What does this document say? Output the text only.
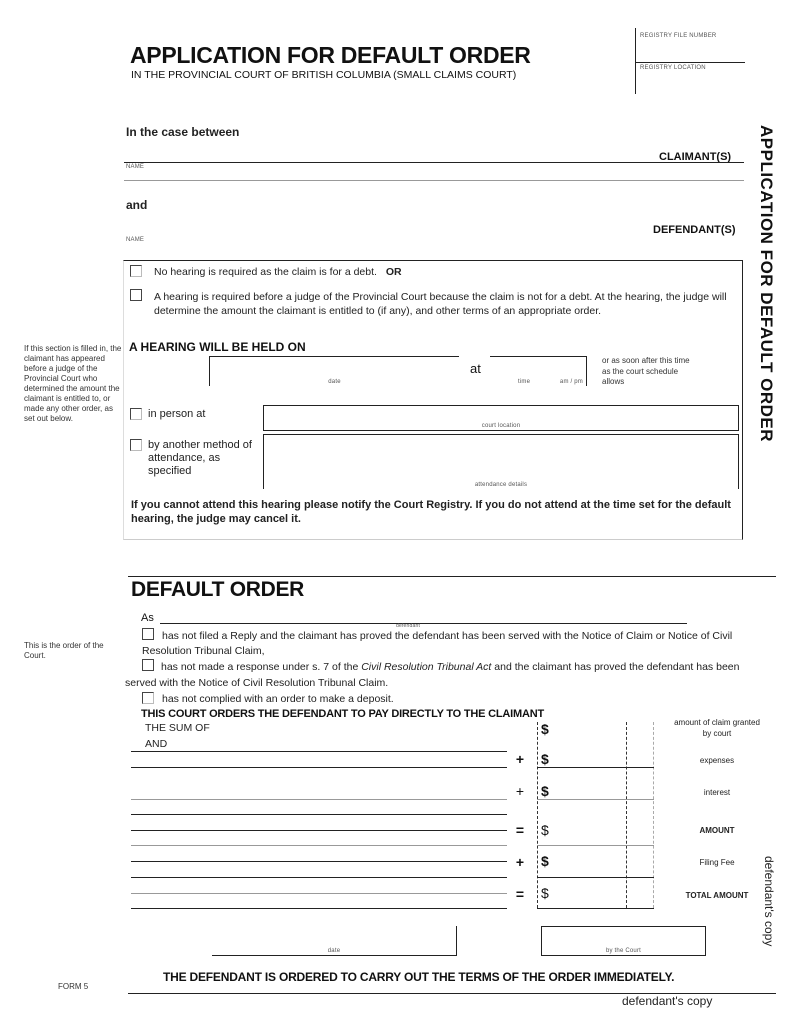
APPLICATION FOR DEFAULT ORDER
IN THE PROVINCIAL COURT OF BRITISH COLUMBIA (SMALL CLAIMS COURT)
REGISTRY FILE NUMBER
REGISTRY LOCATION
APPLICATION FOR DEFAULT ORDER
In the case between
CLAIMANT(S)
NAME
and
DEFENDANT(S)
NAME
No hearing is required as the claim is for a debt. OR
A hearing is required before a judge of the Provincial Court because the claim is not for a debt. At the hearing, the judge will determine the amount the claimant is entitled to (if any), and other terms of an appropriate order.
If this section is filled in, the claimant has appeared before a judge of the Provincial Court who determined the amount the claimant is entitled to, or made any other order, as set out below.
A HEARING WILL BE HELD ON
date
at
time	am / pm
or as soon after this time as the court schedule allows
in person at
court location
by another method of attendance, as specified
attendance details
If you cannot attend this hearing please notify the Court Registry. If you do not attend at the time set for the default hearing, the judge may cancel it.
DEFAULT ORDER
This is the order of the Court.
As
defendant
has not filed a Reply and the claimant has proved the defendant has been served with the Notice of Claim or Notice of Civil Resolution Tribunal Claim,
has not made a response under s. 7 of the Civil Resolution Tribunal Act and the claimant has proved the defendant has been served with the Notice of Civil Resolution Tribunal Claim.
has not complied with an order to make a deposit.
THIS COURT ORDERS THE DEFENDANT TO PAY DIRECTLY TO THE CLAIMANT
THE SUM OF
AND
$	amount of claim granted by court
+ $	expenses
+ $	interest
= $	AMOUNT
+ $	Filing Fee
= $	TOTAL AMOUNT	defendant's copy
date	by the Court
THE DEFENDANT IS ORDERED TO CARRY OUT THE TERMS OF THE ORDER IMMEDIATELY.
FORM 5
defendant's copy
